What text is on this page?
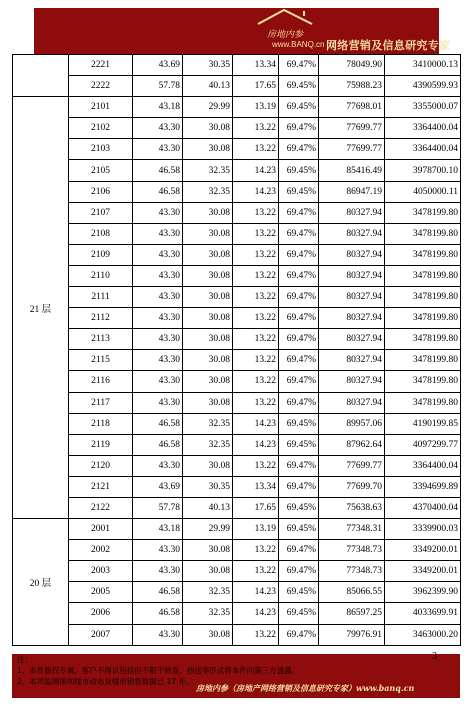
房地内参
www.BANQ.cn 网络营销及信息研究专家
	2221	43.69	30.35	13.34	69.47%	78049.90	3410000.13
	2222	57.78	40.13	17.65	69.45%	75988.23	4390599.93
21 层	2101	43.18	29.99	13.19	69.45%	77698.01	3355000.07
	2102	43.30	30.08	13.22	69.47%	77699.77	3364400.04
	2103	43.30	30.08	13.22	69.47%	77699.77	3364400.04
	2105	46.58	32.35	14.23	69.45%	85416.49	3978700.10
	2106	46.58	32.35	14.23	69.45%	86947.19	4050000.11
	2107	43.30	30.08	13.22	69.47%	80327.94	3478199.80
	2108	43.30	30.08	13.22	69.47%	80327.94	3478199.80
	2109	43.30	30.08	13.22	69.47%	80327.94	3478199.80
	2110	43.30	30.08	13.22	69.47%	80327.94	3478199.80
	2111	43.30	30.08	13.22	69.47%	80327.94	3478199.80
	2112	43.30	30.08	13.22	69.47%	80327.94	3478199.80
	2113	43.30	30.08	13.22	69.47%	80327.94	3478199.80
	2115	43.30	30.08	13.22	69.47%	80327.94	3478199.80
	2116	43.30	30.08	13.22	69.47%	80327.94	3478199.80
	2117	43.30	30.08	13.22	69.47%	80327.94	3478199.80
	2118	46.58	32.35	14.23	69.45%	89957.06	4190199.85
	2119	46.58	32.35	14.23	69.45%	87962.64	4097299.77
	2120	43.30	30.08	13.22	69.47%	77699.77	3364400.04
	2121	43.69	30.35	13.34	69.47%	77699.70	3394699.89
	2122	57.78	40.13	17.65	69.45%	75638.63	4370400.04
20 层	2001	43.18	29.99	13.19	69.45%	77348.31	3339900.03
	2002	43.30	30.08	13.22	69.47%	77348.73	3349200.01
	2003	43.30	30.08	13.22	69.47%	77348.73	3349200.01
	2005	46.58	32.35	14.23	69.45%	85066.55	3962399.90
	2006	46.58	32.35	14.23	69.45%	86597.25	4033699.91
	2007	43.30	30.08	13.22	69.47%	79976.91	3463000.20
注：
1、本件版权专属，客户不得以包括但不限于转发、抄送等形式将本件向第三方透露。
2、本司监测深圳楼市动态及楼市销售数据已 17 年。
3
房地内参（房地产网络营销及信息研究专家）www.banq.cn
